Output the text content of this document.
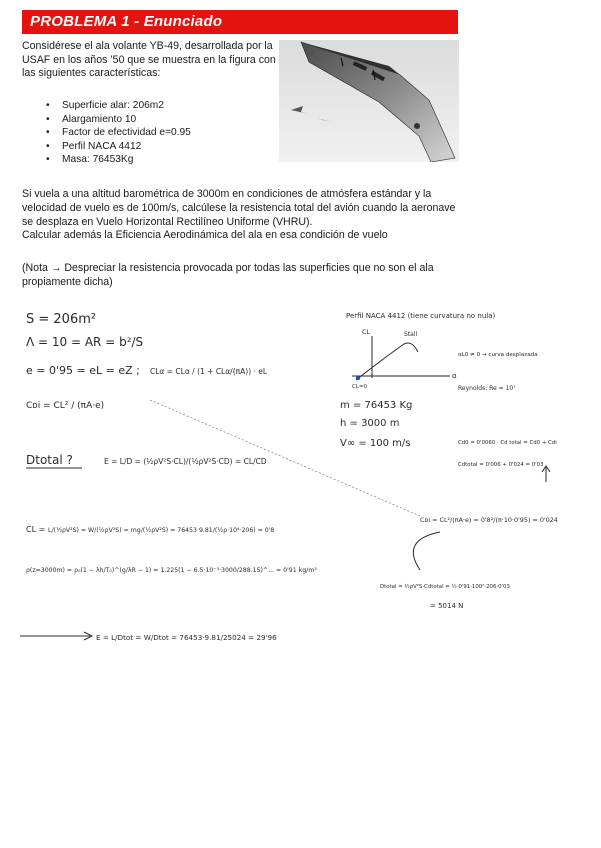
PROBLEMA 1 - Enunciado
Considérese el ala volante YB-49, desarrollada por la USAF en los años ’50 que se muestra en la figura con las siguientes características:
• Superficie alar: 206m2
• Alargamiento 10
• Factor de efectividad e=0.95
• Perfil NACA 4412
• Masa: 76453Kg
Si vuela a una altitud barométrica de 3000m en condiciones de atmósfera estándar y la velocidad de vuelo es de 100m/s, calcúlese la resistencia total del avión cuando la aeronave se desplaza en Vuelo Horizontal Rectilíneo Uniforme (VHRU).
Calcular además la Eficiencia Aerodinámica del ala en esa condición de vuelo
(Nota → Despreciar la resistencia provocada por todas las superficies que no son el ala propiamente dicha)
S = 206m²
Λ = 10 = AR = b²/S
e = 0'95 = eL = eZ ; CLα = CLα / (1 + CLα/(πA)) · eL
Cᴅi = CL² / (πA·e)
Dtotal ?	E = L/D = (½ρV²S·CL)/(½ρV²S·CD) = CL/CD
CL = L/(½ρV²S) = W/(½ρV²S) = mg/(½ρV²S) = 76453·9.81/(½ρ·10⁴·206) = 0'8
ρ(z=3000m) = ρ₀(1 − λh/T₀)^(g/λR − 1) = 1.225(1 − 6.5·10⁻³·3000/288.15)^... = 0'91 kg/m³
E = L/Dtot = W/Dtot = 76453·9.81/25024 = 29'96
Perfil NACA 4412 (tiene curvatura no nula)
CL	Stall
CL=0
α
αL0 ≠ 0 → curva desplazada
m = 76453 Kg
h = 3000 m
V∞ = 100 m/s
Reynolds: Re ≈ 10⁷
Cd0 = 0'0060 · Cd total = Cd0 + Cdi
Cdtotal = 0'006 + 0'024 = 0'03
Cᴅi = CL²/(πA·e) = 0'8²/(π·10·0'95) = 0'024
Dtotal = ½ρV²S·Cdtotal = ½·0'91·100²·206·0'03
= 5014 N
